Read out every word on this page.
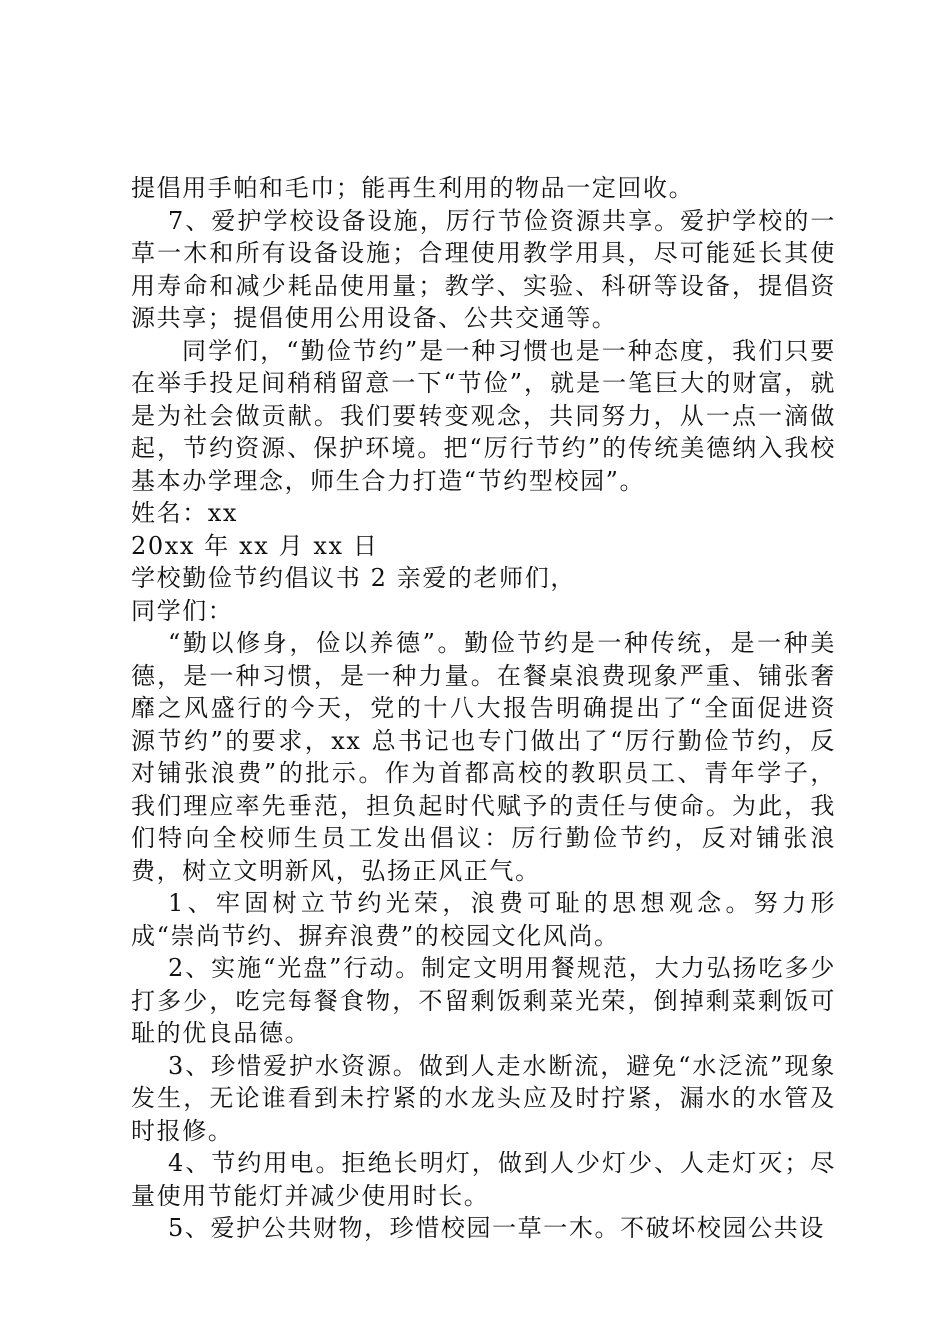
提倡用手帕和毛巾；能再生利用的物品一定回收。

7、爱护学校设备设施，厉行节俭资源共享。爱护学校的一草一木和所有设备设施；合理使用教学用具，尽可能延长其使用寿命和减少耗品使用量；教学、实验、科研等设备，提倡资源共享；提倡使用公用设备、公共交通等。

同学们，“勤俭节约”是一种习惯也是一种态度，我们只要在举手投足间稍稍留意一下“节俭”，就是一笔巨大的财富，就是为社会做贡献。我们要转变观念，共同努力，从一点一滴做起，节约资源、保护环境。把“厉行节约”的传统美德纳入我校基本办学理念，师生合力打造“节约型校园”。

姓名：xx

20xx 年 xx 月 xx 日

学校勤俭节约倡议书 2 亲爱的老师们，

同学们：

“勤以修身，俭以养德”。勤俭节约是一种传统，是一种美德，是一种习惯，是一种力量。在餐桌浪费现象严重、铺张奢靡之风盛行的今天，党的十八大报告明确提出了“全面促进资源节约”的要求，xx 总书记也专门做出了“厉行勤俭节约，反对铺张浪费”的批示。作为首都高校的教职员工、青年学子，我们理应率先垂范，担负起时代赋予的责任与使命。为此，我们特向全校师生员工发出倡议：厉行勤俭节约，反对铺张浪费，树立文明新风，弘扬正风正气。

1、牢固树立节约光荣，浪费可耻的思想观念。努力形成“崇尚节约、摒弃浪费”的校园文化风尚。

2、实施“光盘”行动。制定文明用餐规范，大力弘扬吃多少打多少，吃完每餐食物，不留剩饭剩菜光荣，倒掉剩菜剩饭可耻的优良品德。

3、珍惜爱护水资源。做到人走水断流，避免“水泛流”现象发生，无论谁看到未拧紧的水龙头应及时拧紧，漏水的水管及时报修。

4、节约用电。拒绝长明灯，做到人少灯少、人走灯灭；尽量使用节能灯并减少使用时长。

5、爱护公共财物，珍惜校园一草一木。不破坏校园公共设
